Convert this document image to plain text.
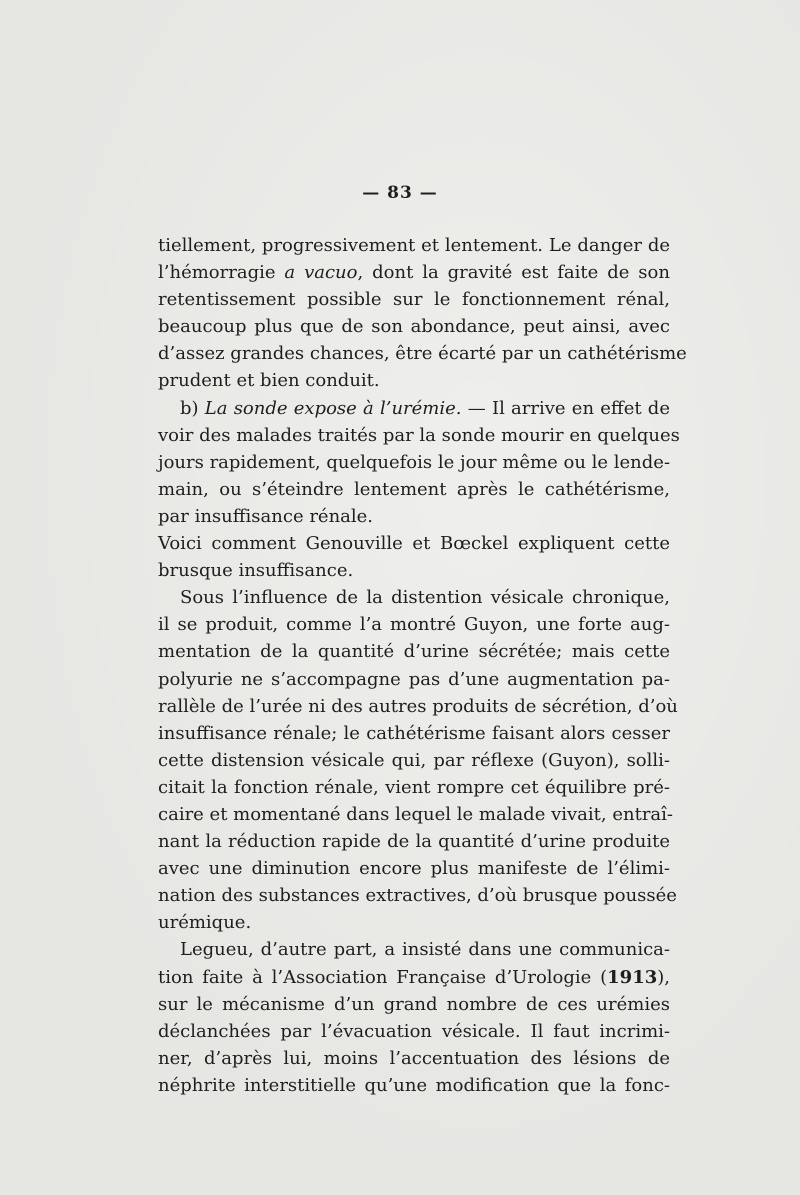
— 83 —
tiellement, progressivement et lentement. Le danger de
l’hémorragie a vacuo, dont la gravité est faite de son
retentissement possible sur le fonctionnement rénal,
beaucoup plus que de son abondance, peut ainsi, avec
d’assez grandes chances, être écarté par un cathétérisme
prudent et bien conduit.
b) La sonde expose à l’urémie. — Il arrive en effet de
voir des malades traités par la sonde mourir en quelques
jours rapidement, quelquefois le jour même ou le lende-
main, ou s’éteindre lentement après le cathétérisme,
par insuffisance rénale.
Voici comment Genouville et Bœckel expliquent cette
brusque insuffisance.
Sous l’influence de la distention vésicale chronique,
il se produit, comme l’a montré Guyon, une forte aug-
mentation de la quantité d’urine sécrétée; mais cette
polyurie ne s’accompagne pas d’une augmentation pa-
rallèle de l’urée ni des autres produits de sécrétion, d’où
insuffisance rénale; le cathétérisme faisant alors cesser
cette distension vésicale qui, par réflexe (Guyon), solli-
citait la fonction rénale, vient rompre cet équilibre pré-
caire et momentané dans lequel le malade vivait, entraî-
nant la réduction rapide de la quantité d’urine produite
avec une diminution encore plus manifeste de l’élimi-
nation des substances extractives, d’où brusque poussée
urémique.
Legueu, d’autre part, a insisté dans une communica-
tion faite à l’Association Française d’Urologie (1913),
sur le mécanisme d’un grand nombre de ces urémies
déclanchées par l’évacuation vésicale. Il faut incrimi-
ner, d’après lui, moins l’accentuation des lésions de
néphrite interstitielle qu’une modification que la fonc-
